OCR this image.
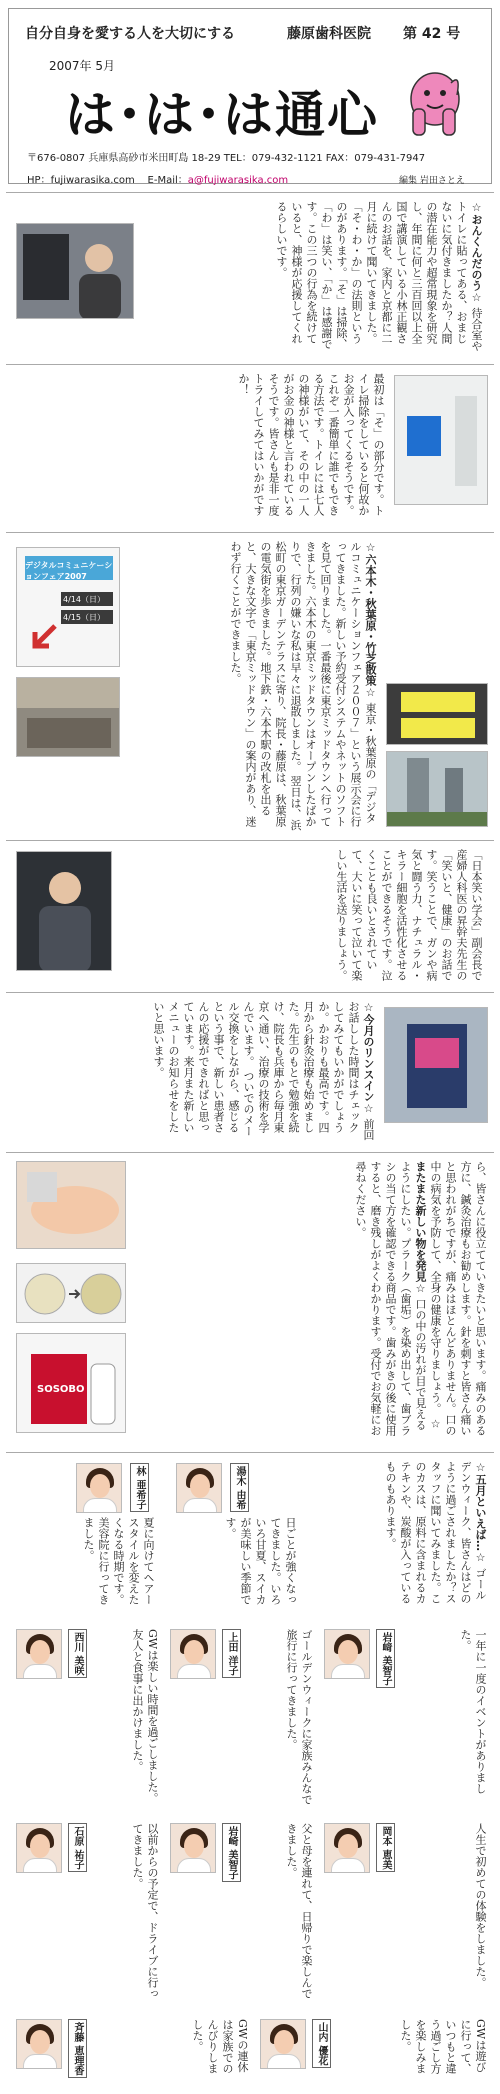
自分自身を愛する人を大切にする	藤原歯科医院 第 42 号
2007年 5月
は･は･は通心
〒676-0807 兵庫県高砂市米田町島 18-29 TEL：079-432-1121 FAX：079-431-7947
HP：fujiwarasika.com E-Mail：a@fujiwarasika.com	編集 岩田さとえ
☆おんくんだのう☆ 待合室やトイレに貼ってある、おまじないに気付きましたか？人間の潜在能力や超常現象を研究し、年間に何と三百回以上全国で講演している小林正観さんのお話を、家内と京都に二月に続けて聞いてきました。「そ・わ・か」の法則というのがあります。「そ」は掃除、「わ」は笑い、「か」は感謝です。この三つの行為を続けていると、神様が応援してくれるらしいです。
最初は「そ」の部分です。トイレ掃除をしていると何故かお金が入ってくるそうです。これぞ一番簡単に誰でもできる方法です。トイレには七人の神様がいて、その中の一人がお金の神様と言われているそうです。皆さんも是非一度トライしてみてはいかがですか！
デジタルコミュニケーションフェア2007
4/14（日）
4/15（日）	☆六本木・秋葉原・竹芝散策☆ 東京・秋葉原の「デジタルコミュニケーションフェア２００７」という展示会に行ってきました。新しい予約受付システムやネットのソフトを見て回りました。一番最後に東京ミッドタウンへ行ってきました。六本木の東京ミッドタウンはオープンしたばかりで、行列の嫌いな私は早々に退散しました。 翌日は、浜松町の東京ガーデンテラスに寄り、院長・藤原は、秋葉原の電気街を歩きました。地下鉄・六本木駅の改札を出ると、大きな文字で「東京ミッドタウン」の案内があり、迷わず行くことができました。
「日本笑い学会」副会長で産婦人科医の昇幹夫先生の「笑いと、健康」のお話です。笑うことで、ガンや病気と闘う力、ナチュラル・キラー細胞を活性化させることができるそうです。泣くことも良いとされていて、大いに笑って泣いて楽しい生活を送りましょう。
☆今月のリンスイン☆ 前回お話しした時間はチェックしてみてもいかがでしょうか。かおりも最高です。四月から針灸治療も始めました。先生のもとで勉強を続け、院長も兵庫から毎月東京へ通い、治療の技術を学んでいます。 ついでのメール交換をしながら、感じるという事で、新しい患者さんの応援ができればと思っています。来月また新しいメニューのお知らせをしたいと思います。
SOSOBO	ら、皆さんに役立てていきたいと思います。痛みのある方に、鍼灸治療もお勧めします。針を刺すと皆さん痛いと思われがちですが、痛みはほとんどありません。口の中の病気を予防して、全身の健康を守りましょう。 ☆またまた新しい物を発見☆ 口の中の汚れが目で見えるようにしたい。プラーク（歯垢）を染め出して、歯ブラシの当て方を確認できる商品です。歯みがきの後に使用すると、磨き残しがよくわかります。受付でお気軽にお尋ねください。
☆五月といえば…☆ ゴールデンウィーク、皆さんはどのように過ごされましたか？スタッフに聞いてみました。このカスは、原料に含まれるカテキンや、炭酸が入っているものもあります。
林 亜希子
夏に向けてヘアースタイルを変えたくなる時期です。美容院に行ってきました。
湯木 由希
日ごとが強くなってきました。いろいろ甘夏、スイカが美味しい季節です。
西川 美咲	GWは楽しい時間を過ごしました。友人と食事に出かけました。	上田 洋子	ゴールデンウィークに家族みんなで旅行に行ってきました。	岩﨑 美智子	一年に一度のイベントがありました。
石原 祐子	以前からの予定で、ドライブに行ってきました。	岩崎 美智子	父と母を連れて、日帰りで楽しんできました。	岡本 恵美	人生で初めての体験をしました。
斉藤 恵理香	GWの連休は家族でのんびりしました。	山内 優花	GWは遊びに行って、いつもと違う過ごし方を楽しみました。
